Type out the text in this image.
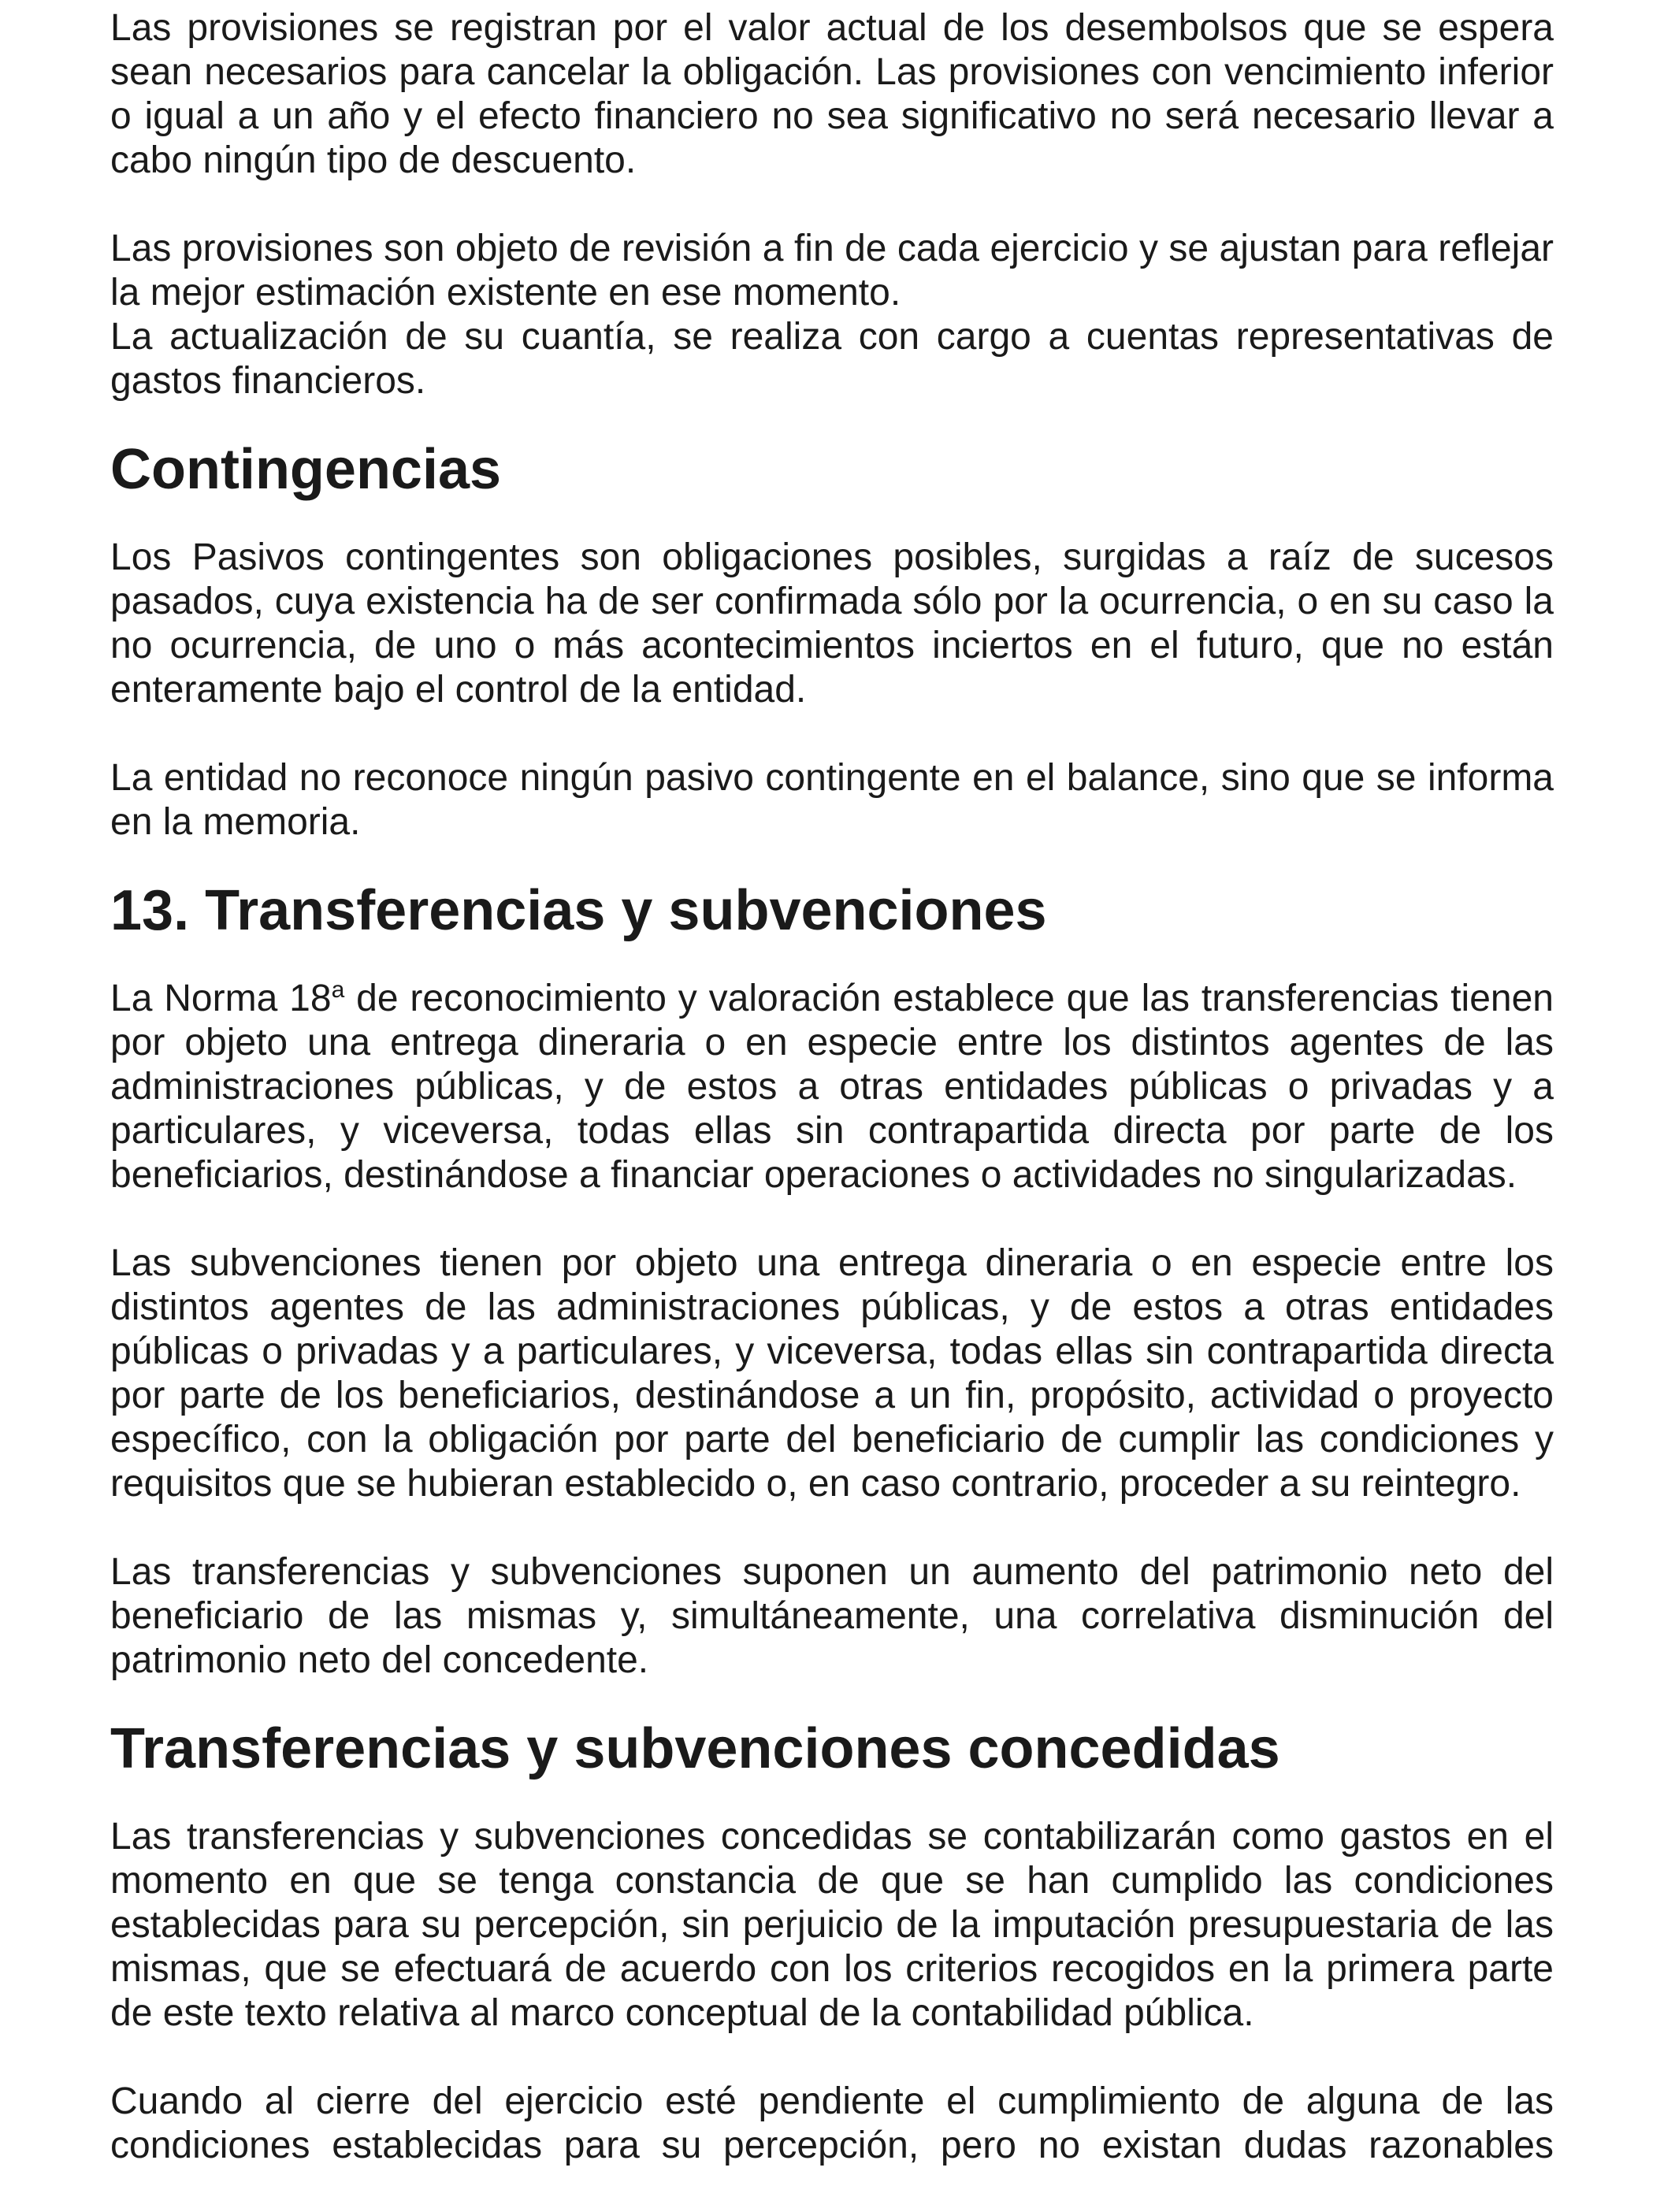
Las provisiones se registran por el valor actual de los desembolsos que se espera sean necesarios para cancelar la obligación. Las provisiones con vencimiento inferior o igual a un año y el efecto financiero no sea significativo no será necesario llevar a cabo ningún tipo de descuento.

Las provisiones son objeto de revisión a fin de cada ejercicio y se ajustan para reflejar la mejor estimación existente en ese momento.

La actualización de su cuantía, se realiza con cargo a cuentas representativas de gastos financieros.

Contingencias

Los Pasivos contingentes son obligaciones posibles, surgidas a raíz de sucesos pasados, cuya existencia ha de ser confirmada sólo por la ocurrencia, o en su caso la no ocurrencia, de uno o más acontecimientos inciertos en el futuro, que no están enteramente bajo el control de la entidad.

La entidad no reconoce ningún pasivo contingente en el balance, sino que se informa en la memoria.

13. Transferencias y subvenciones

La Norma 18$^a$ de reconocimiento y valoración establece que las transferencias tienen por objeto una entrega dineraria o en especie entre los distintos agentes de las administraciones públicas, y de estos a otras entidades públicas o privadas y a particulares, y viceversa, todas ellas sin contrapartida directa por parte de los beneficiarios, destinándose a financiar operaciones o actividades no singularizadas.

Las subvenciones tienen por objeto una entrega dineraria o en especie entre los distintos agentes de las administraciones públicas, y de estos a otras entidades públicas o privadas y a particulares, y viceversa, todas ellas sin contrapartida directa por parte de los beneficiarios, destinándose a un fin, propósito, actividad o proyecto específico, con la obligación por parte del beneficiario de cumplir las condiciones y requisitos que se hubieran establecido o, en caso contrario, proceder a su reintegro.

Las transferencias y subvenciones suponen un aumento del patrimonio neto del beneficiario de las mismas y, simultáneamente, una correlativa disminución del patrimonio neto del concedente.

Transferencias y subvenciones concedidas

Las transferencias y subvenciones concedidas se contabilizarán como gastos en el momento en que se tenga constancia de que se han cumplido las condiciones establecidas para su percepción, sin perjuicio de la imputación presupuestaria de las mismas, que se efectuará de acuerdo con los criterios recogidos en la primera parte de este texto relativa al marco conceptual de la contabilidad pública.

Cuando al cierre del ejercicio esté pendiente el cumplimiento de alguna de las condiciones establecidas para su percepción, pero no existan dudas razonables
